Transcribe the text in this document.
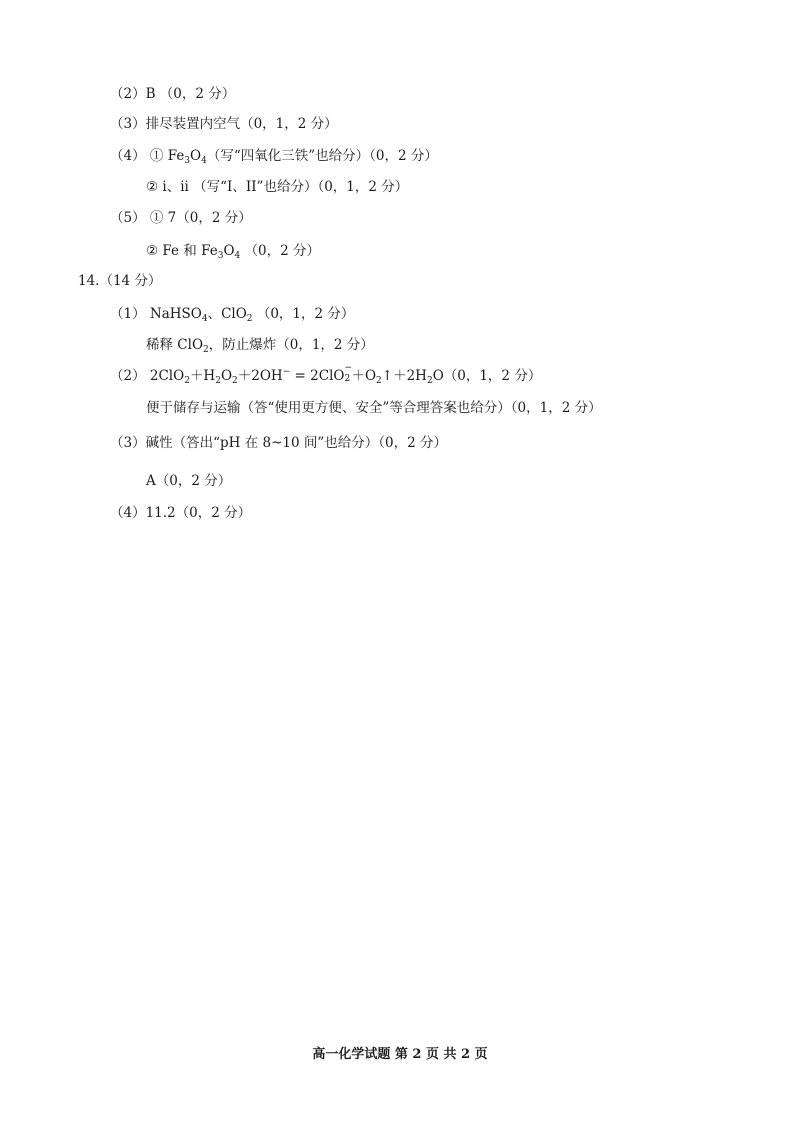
（2）B （0，2 分）
（3）排尽装置内空气（0，1，2 分）
（4） ① $Fe_3O_4$（写“四氧化三铁”也给分）（0，2 分）
② i、ii （写“I、II”也给分）（0，1，2 分）
（5） ① 7（0，2 分）
② Fe 和 $Fe_3O_4$ （0，2 分）
14.（14 分）
（1） NaHSO$_4$、ClO$_2$ （0，1，2 分）
稀释 ClO$_2$，防止爆炸（0，1，2 分）
（2） $2ClO_2+H_2O_2+2OH^- = 2ClO$ −
$2 +O_2↑+2H_2O(0$，1，2 分）
便于储存与运输（答“使用更方便、安全”等合理答案也给分）（0，1，2 分）
（3）碱性（答出“pH 在 8~10 间”也给分）（0，2 分）
A（0，2 分）
（4）11.2（0，2 分）
高一化学试题 第 2 页 共 2 页
